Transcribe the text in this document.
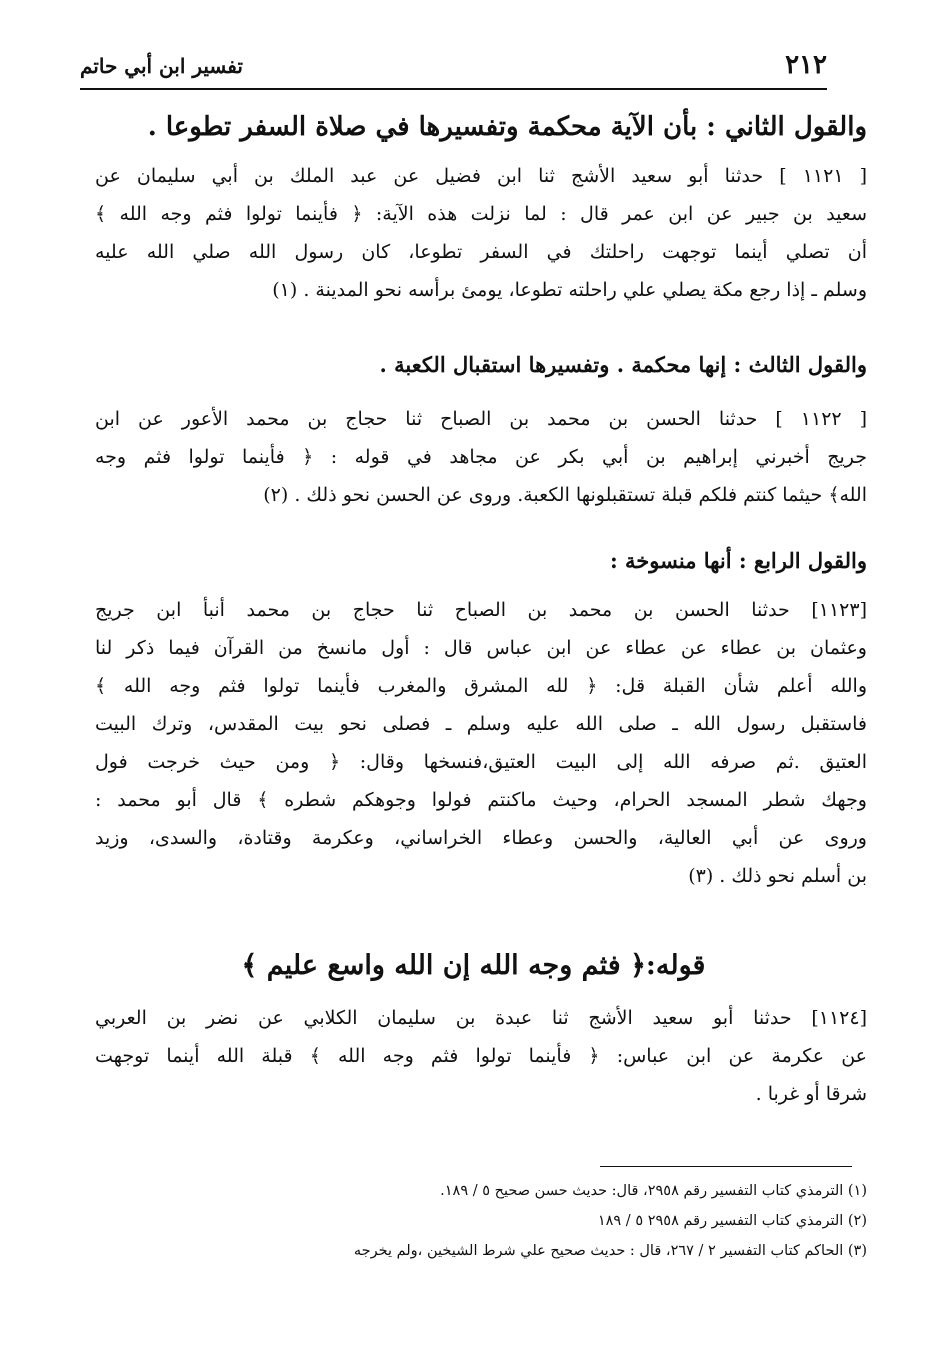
٢١٢
تفسير ابن أبي حاتم
والقول الثاني : بأن الآية محكمة وتفسيرها في صلاة السفر تطوعا .
[ ١١٢١ ] حدثنا أبو سعيد الأشج ثنا ابن فضيل عن عبد الملك بن أبي سليمان عن
سعيد بن جبير عن ابن عمر قال : لما نزلت هذه الآية: ﴿ فأينما تولوا فثم وجه الله ﴾
أن تصلي أينما توجهت راحلتك في السفر تطوعا، كان رسول الله صلي الله عليه
وسلم ـ إذا رجع مكة يصلي علي راحلته تطوعا، يومئ برأسه نحو المدينة . (١)
والقول الثالث : إنها محكمة . وتفسيرها استقبال الكعبة .
[ ١١٢٢ ] حدثنا الحسن بن محمد بن الصباح ثنا حجاج بن محمد الأعور عن ابن
جريج أخبرني إبراهيم بن أبي بكر عن مجاهد في قوله : ﴿ فأينما تولوا فثم وجه
الله﴾ حيثما كنتم فلكم قبلة تستقبلونها الكعبة. وروى عن الحسن نحو ذلك . (٢)
والقول الرابع : أنها منسوخة :
[١١٢٣] حدثنا الحسن بن محمد بن الصباح ثنا حجاج بن محمد أنبأ ابن جريج
وعثمان بن عطاء عن عطاء عن ابن عباس قال : أول مانسخ من القرآن فيما ذكر لنا
والله أعلم شأن القبلة قل: ﴿ لله المشرق والمغرب فأينما تولوا فثم وجه الله ﴾
فاستقبل رسول الله ـ صلى الله عليه وسلم ـ فصلى نحو بيت المقدس، وترك البيت
العتيق .ثم صرفه الله إلى البيت العتيق،فنسخها وقال: ﴿ ومن حيث خرجت فول
وجهك شطر المسجد الحرام، وحيث ماكنتم فولوا وجوهكم شطره ﴾ قال أبو محمد :
وروى عن أبي العالية، والحسن وعطاء الخراساني، وعكرمة وقتادة، والسدى، وزيد
بن أسلم نحو ذلك . (٣)
قوله:﴿ فثم وجه الله إن الله واسع عليم ﴾
[١١٢٤] حدثنا أبو سعيد الأشج ثنا عبدة بن سليمان الكلابي عن نضر بن العربي
عن عكرمة عن ابن عباس: ﴿ فأينما تولوا فثم وجه الله ﴾ قبلة الله أينما توجهت
شرقا أو غربا .
(١) الترمذي كتاب التفسير رقم ٢٩٥٨، قال: حديث حسن صحيح ٥ / ١٨٩.
(٢) الترمذي كتاب التفسير رقم ٢٩٥٨ ٥ / ١٨٩
(٣) الحاكم كتاب التفسير ٢ / ٢٦٧، قال : حديث صحيح علي شرط الشيخين ،ولم يخرجه
